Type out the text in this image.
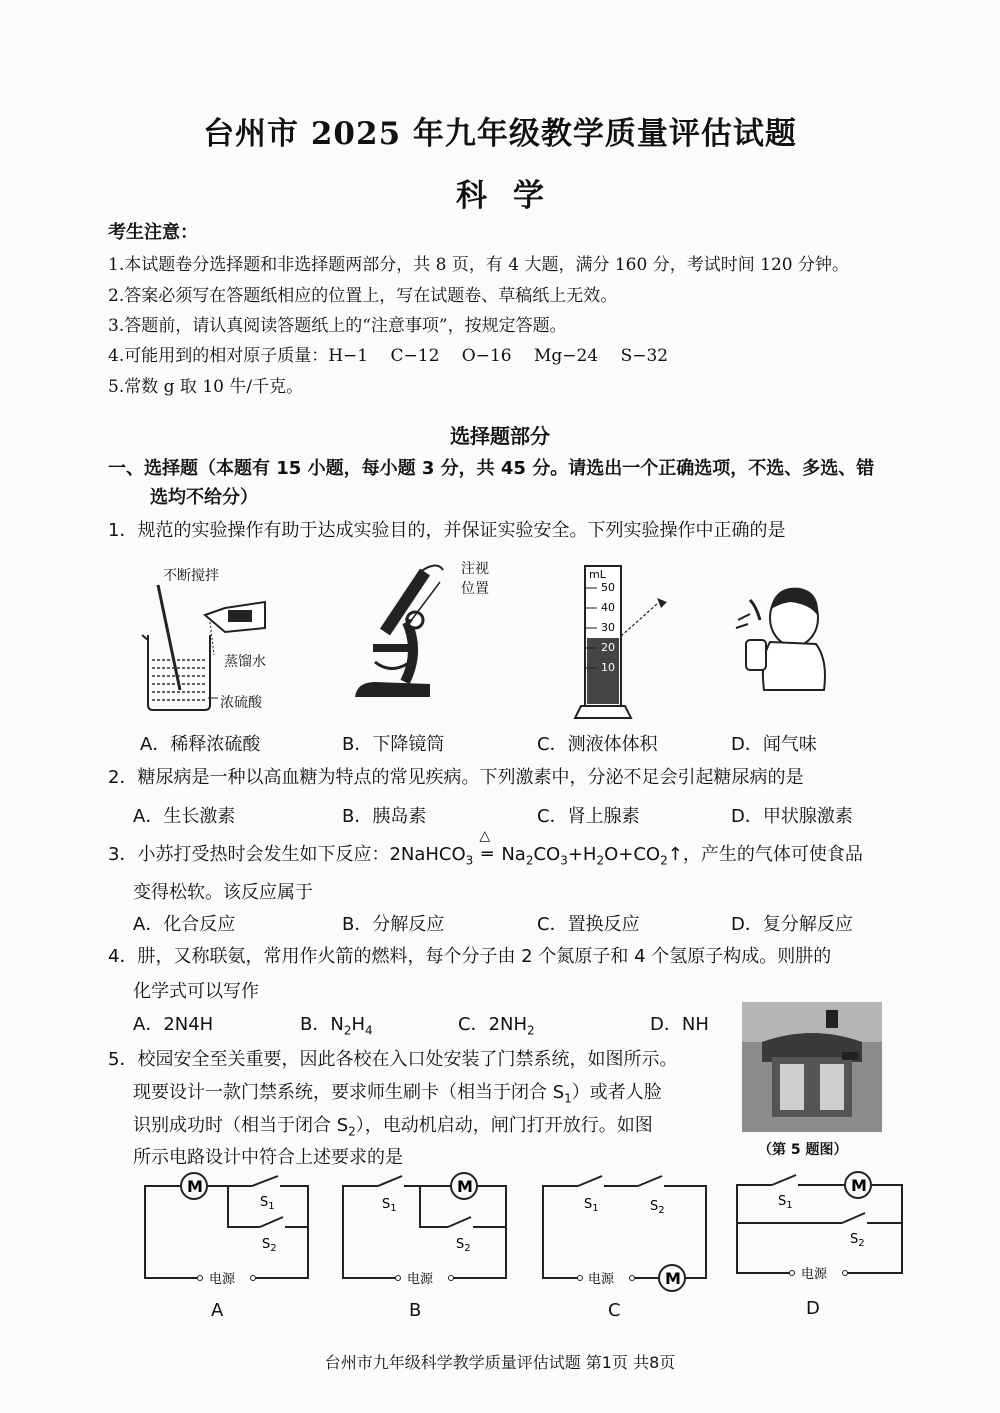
台州市 2025 年九年级教学质量评估试题
科学
考生注意：
1.本试题卷分选择题和非选择题两部分，共 8 页，有 4 大题，满分 160 分，考试时间 120 分钟。
2.答案必须写在答题纸相应的位置上，写在试题卷、草稿纸上无效。
3.答题前，请认真阅读答题纸上的“注意事项”，按规定答题。
4.可能用到的相对原子质量：H−1　 C−12　 O−16　 Mg−24　 S−32
5.常数 g 取 10 牛/千克。
选择题部分
一、选择题（本题有 15 小题，每小题 3 分，共 45 分。请选出一个正确选项，不选、多选、错
选均不给分）
1．规范的实验操作有助于达成实验目的，并保证实验安全。下列实验操作中正确的是
不断搅拌
蒸馏水
浓硫酸
注视
位置
mL
50
40
30
20
10
A．稀释浓硫酸	B．下降镜筒	C．测液体体积	D．闻气味
2．糖尿病是一种以高血糖为特点的常见疾病。下列激素中，分泌不足会引起糖尿病的是
A．生长激素	B．胰岛素	C．肾上腺素	D．甲状腺激素
3．小苏打受热时会发生如下反应：2NaHCO$_3$
△
═ $Na_2CO_3+H_2O+CO_2↑$，产生的气体可使食品
变得松软。该反应属于
A．化合反应	B．分解反应	C．置换反应	D．复分解反应
4．肼，又称联氨，常用作火箭的燃料，每个分子由 2 个氮原子和 4 个氢原子构成。则肼的
化学式可以写作
A．2N4H	B．$N_2H_4$	C．$2NH_2$	D．NH
（第 5 题图）
5．校园安全至关重要，因此各校在入口处安装了门禁系统，如图所示。
现要设计一款门禁系统，要求师生刷卡（相当于闭合 $S_1$）或者人脸
识别成功时（相当于闭合 $S_2$），电动机启动，闸门打开放行。如图
所示电路设计中符合上述要求的是
M
$S_1$
$S_2$
电源
M
$S_1$
$S_2$
电源	M
$S_1$	$S_2$
电源
M
$S_1$
$S_2$
电源
A	B	C	D
台州市九年级科学教学质量评估试题 第1页 共8页
